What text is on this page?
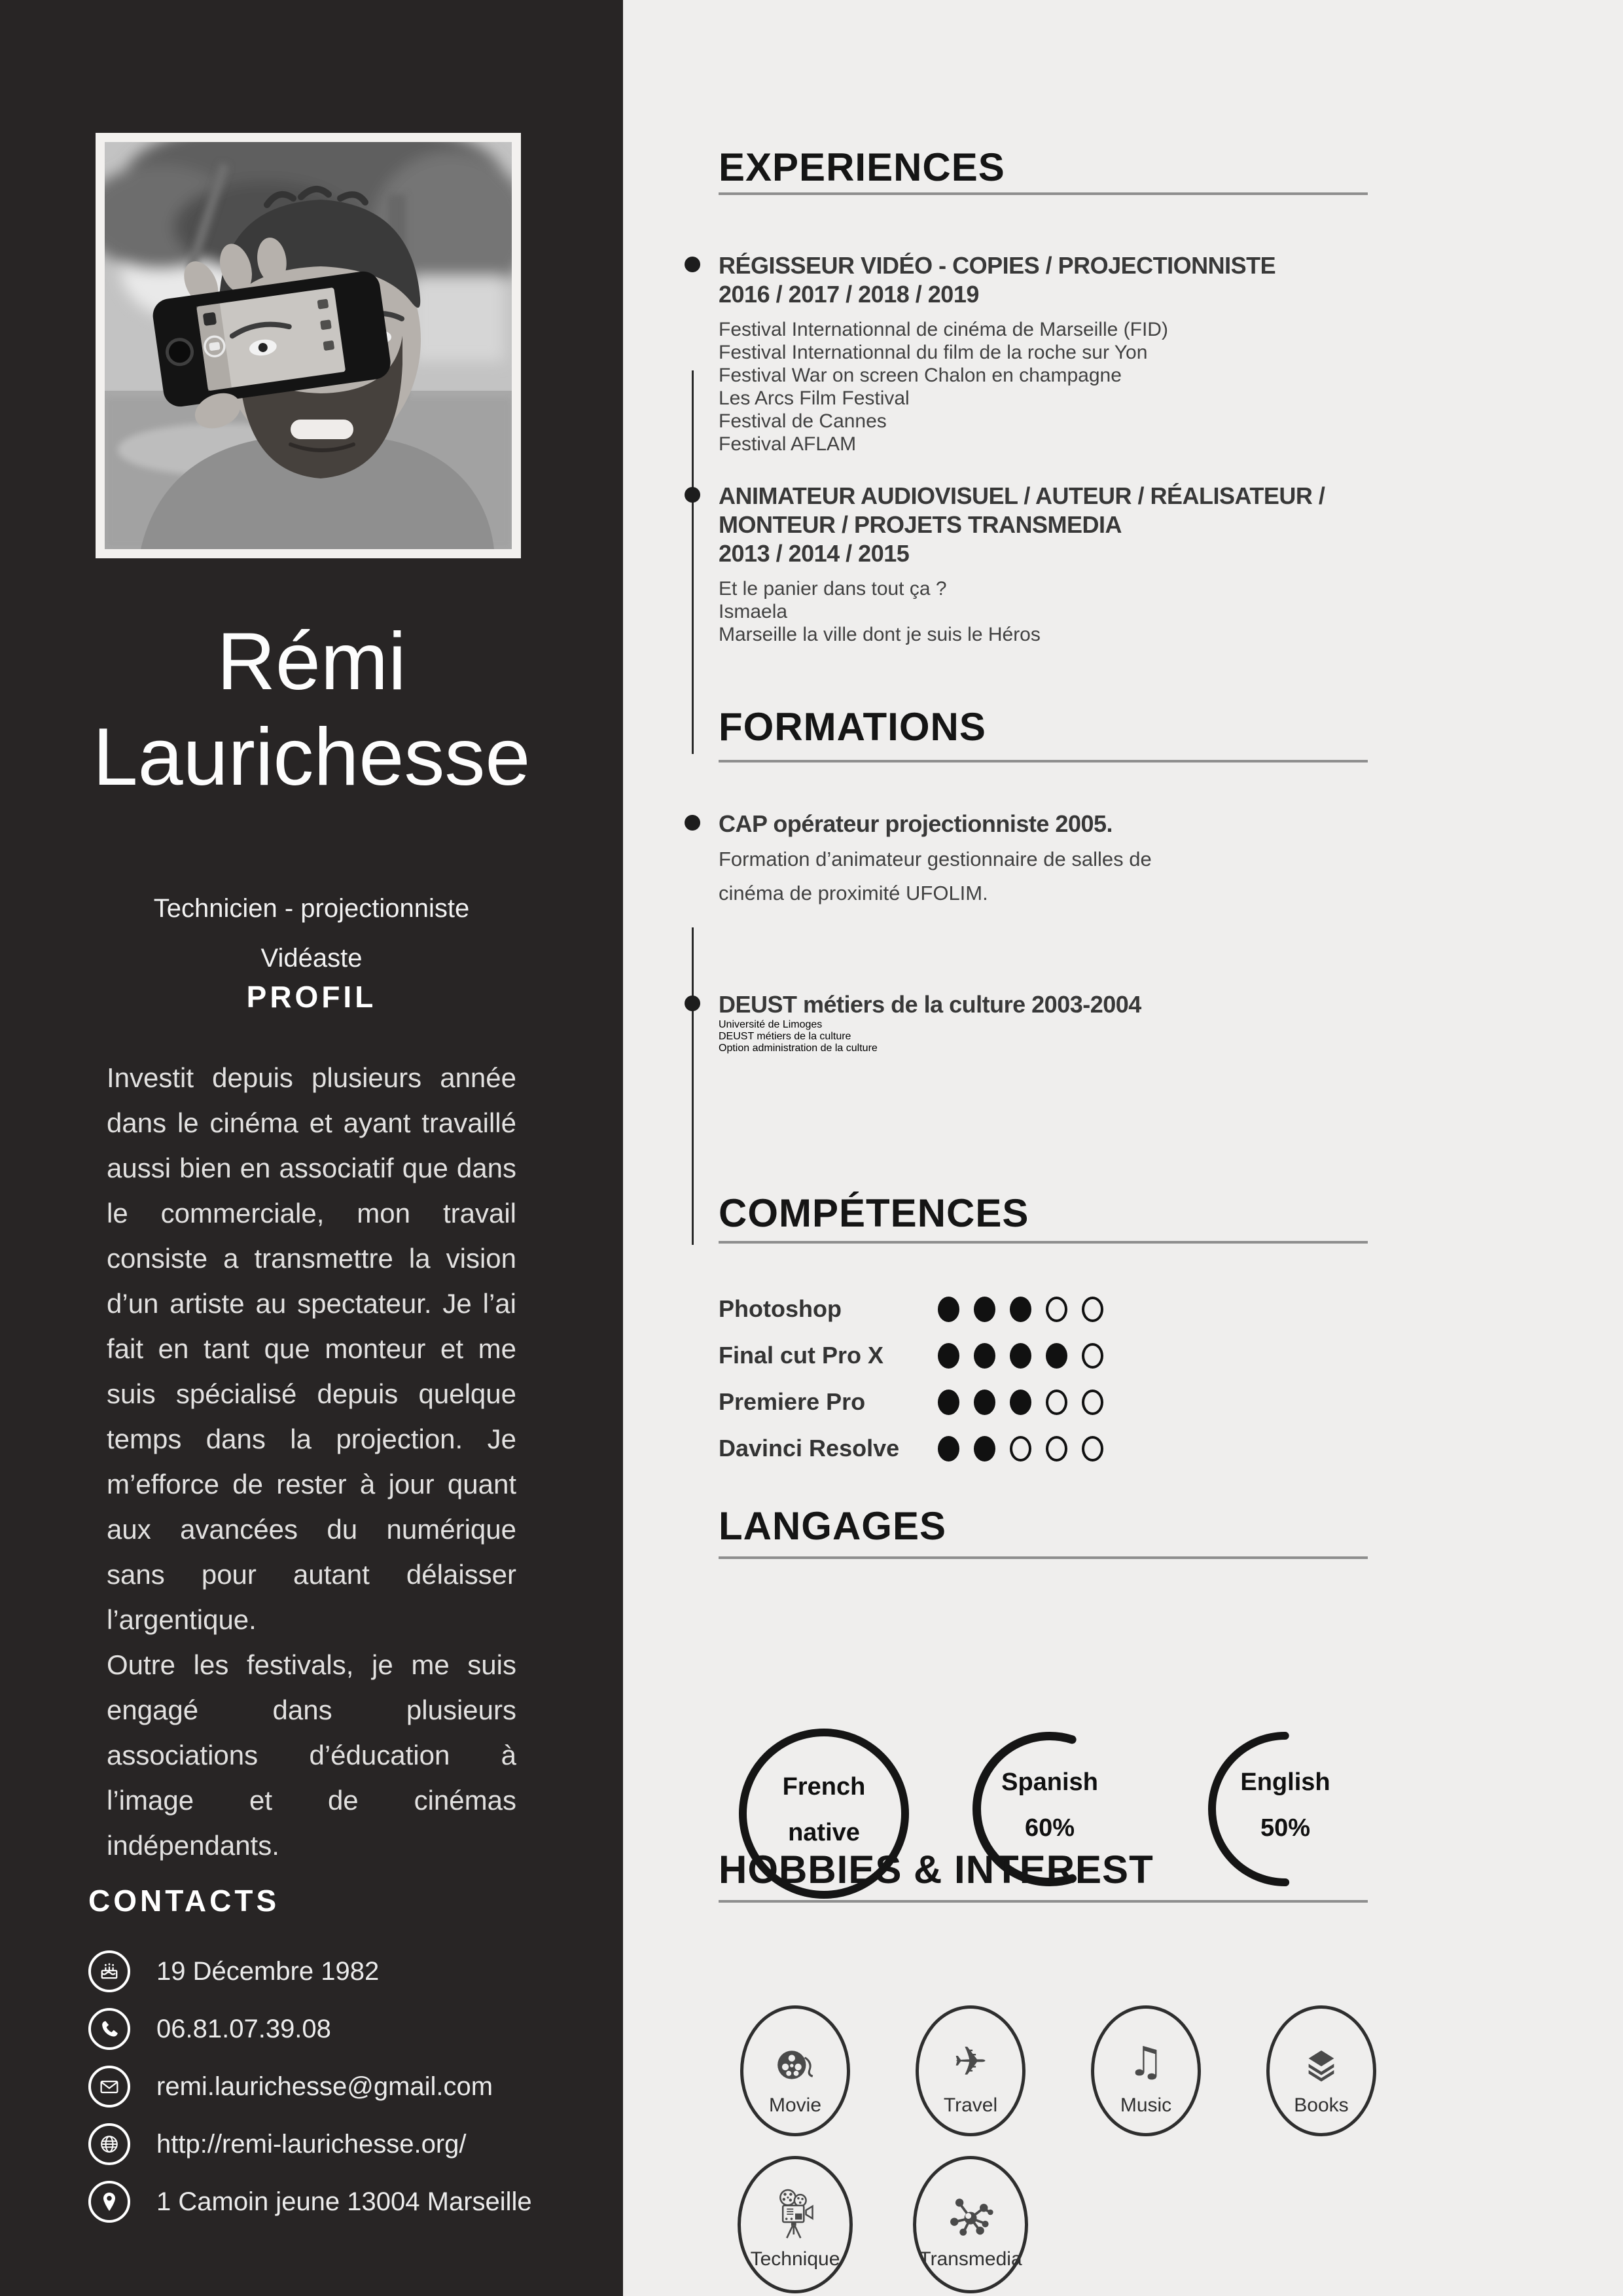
Rémi
Laurichesse
Technicien - projectionniste
Vidéaste
PROFIL

Investit depuis plusieurs année dans le cinéma et ayant travaillé aussi bien en associatif que dans le commerciale, mon travail consiste a transmettre la vision d’un artiste au spectateur. Je l’ai fait en tant que monteur et me suis spécialisé depuis quelque temps dans la projection. Je m’efforce de rester à jour quant aux avancées du numérique sans pour autant délaisser l’argentique.

Outre les festivals, je me suis engagé dans plusieurs associations d’éducation à l’image et de cinémas indépendants.

CONTACTS
19 Décembre 1982
06.81.07.39.08
remi.laurichesse@gmail.com
http://remi-laurichesse.org/
1 Camoin jeune 13004 Marseille
EXPERIENCES
RÉGISSEUR VIDÉO - COPIES / PROJECTIONNISTE
2016 / 2017 / 2018 / 2019
Festival Internationnal de cinéma de Marseille (FID)
Festival Internationnal du film de la roche sur Yon
Festival War on screen Chalon en champagne
Les Arcs Film Festival
Festival de Cannes
Festival AFLAM
ANIMATEUR AUDIOVISUEL / AUTEUR / RÉALISATEUR /
MONTEUR / PROJETS TRANSMEDIA
2013 / 2014 / 2015
Et le panier dans tout ça ?
Ismaela
Marseille la ville dont je suis le Héros
FORMATIONS
CAP opérateur projectionniste 2005.
Formation d’animateur gestionnaire de salles de
cinéma de proximité UFOLIM.
DEUST métiers de la culture 2003-2004
Université de Limoges
DEUST métiers de la culture
Option administration de la culture
COMPÉTENCES
Photoshop
Final cut Pro X
Premiere Pro
Davinci Resolve
LANGAGES
French
native
Spanish
60%
English
50%
HOBBIES & INTEREST
Movie
✈
Travel
♫
Music	Books
Technique	Transmedia
